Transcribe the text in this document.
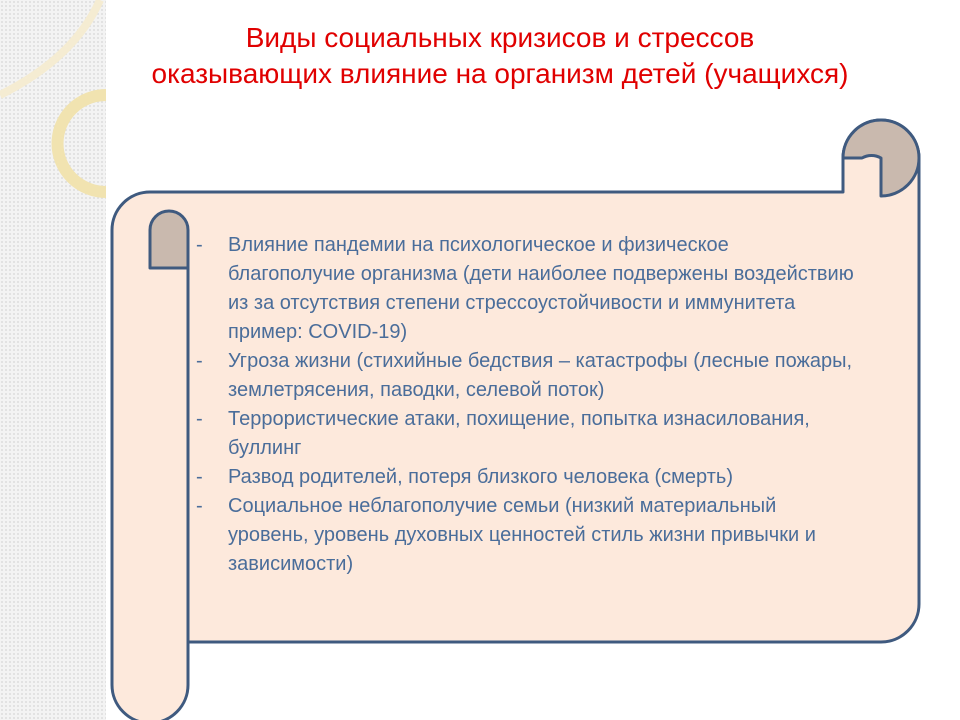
Виды социальных кризисов и стрессов
оказывающих влияние на организм детей (учащихся)
- Влияние пандемии на психологическое и физическое благополучие организма (дети наиболее подвержены воздействию из за отсутствия степени стрессоустойчивости и иммунитета пример: COVID-19)
- Угроза жизни (стихийные бедствия – катастрофы (лесные пожары, землетрясения, паводки, селевой поток)
- Террористические атаки, похищение, попытка изнасилования, буллинг
- Развод родителей, потеря близкого человека (смерть)
- Социальное неблагополучие семьи (низкий материальный уровень, уровень духовных ценностей стиль жизни привычки и зависимости)
